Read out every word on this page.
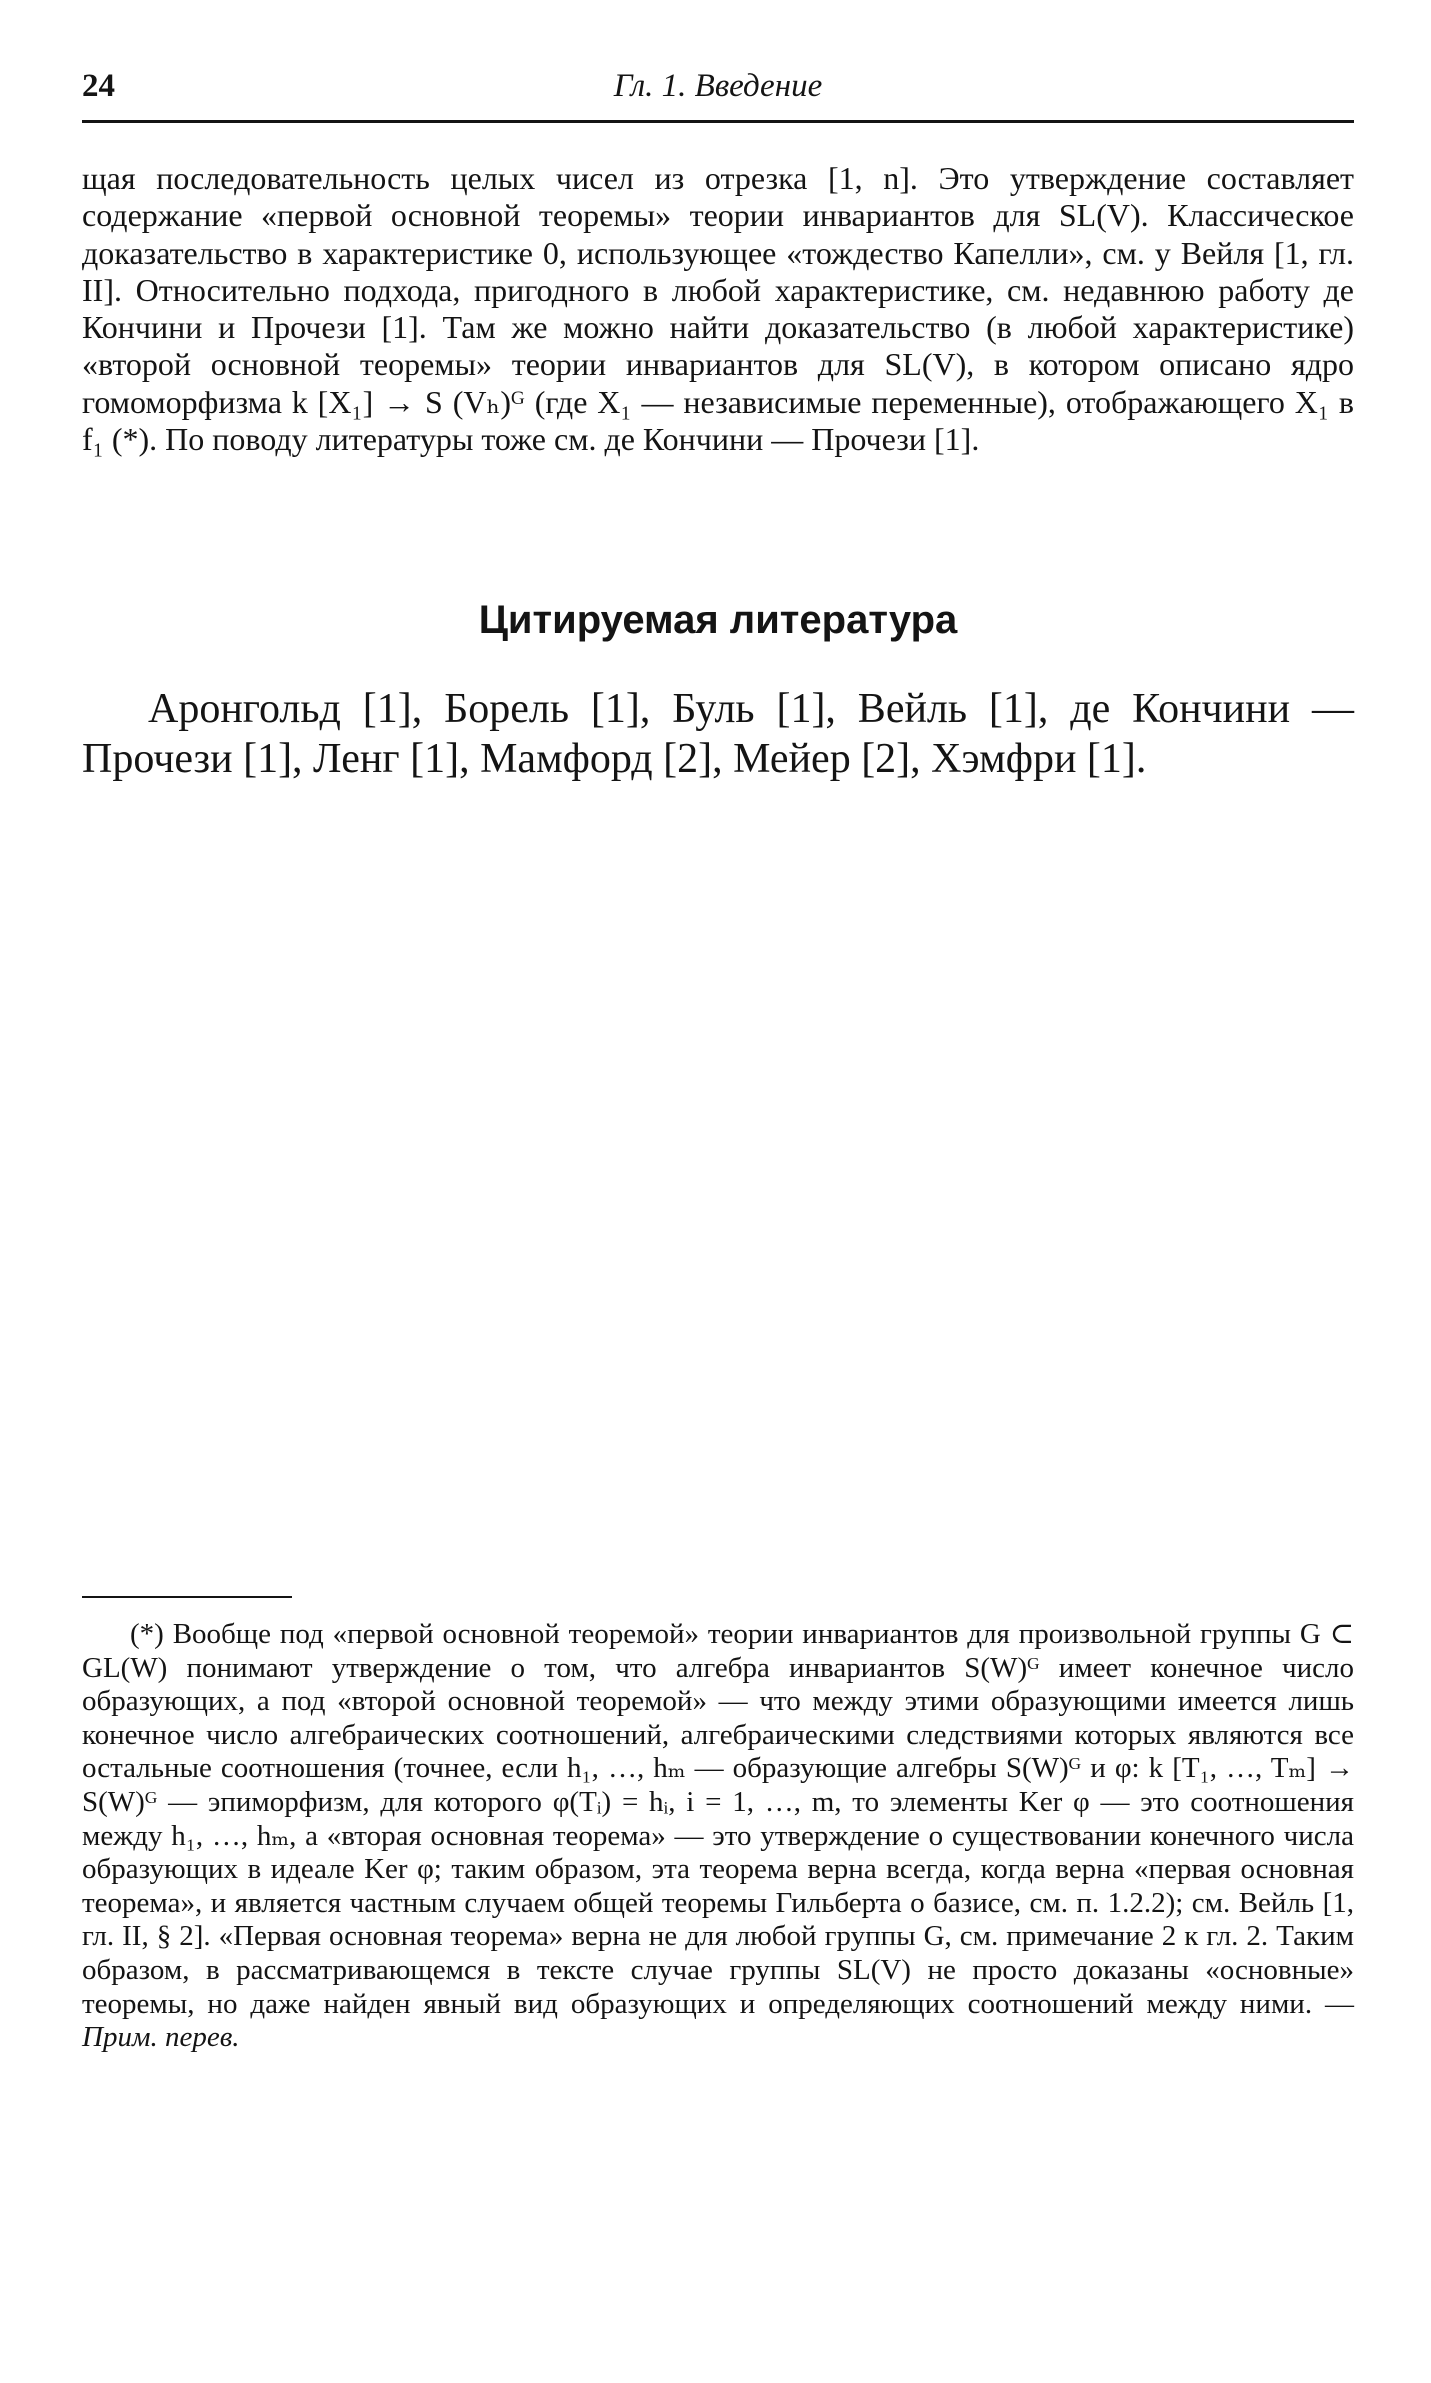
24	Гл. 1. Введение

щая последовательность целых чисел из отрезка [1, n]. Это утверждение составляет содержание «первой основной теоремы» теории инвариантов для SL(V). Классическое доказательство в характеристике 0, использующее «тождество Капелли», см. у Вейля [1, гл. II]. Относительно подхода, пригодного в любой характеристике, см. недавнюю работу де Кончини и Прочези [1]. Там же можно найти доказательство (в любой характеристике) «второй основной теоремы» теории инвариантов для SL(V), в котором описано ядро гомоморфизма k [X₁] → S (Vₕ)ᴳ (где X₁ — независимые переменные), отображающего X₁ в f₁ (*). По поводу литературы тоже см. де Кончини — Прочези [1].

Цитируемая литература

Аронгольд [1], Борель [1], Буль [1], Вейль [1], де Кончини — Прочези [1], Ленг [1], Мамфорд [2], Мейер [2], Хэмфри [1].

(*) Вообще под «первой основной теоремой» теории инвариантов для произвольной группы G ⊂ GL(W) понимают утверждение о том, что алгебра инвариантов S(W)ᴳ имеет конечное число образующих, а под «второй основной теоремой» — что между этими образующими имеется лишь конечное число алгебраических соотношений, алгебраическими следствиями которых являются все остальные соотношения (точнее, если h₁, …, hₘ — образующие алгебры S(W)ᴳ и φ: k [T₁, …, Tₘ] → S(W)ᴳ — эпиморфизм, для которого φ(Tᵢ) = hᵢ, i = 1, …, m, то элементы Ker φ — это соотношения между h₁, …, hₘ, а «вторая основная теорема» — это утверждение о существовании конечного числа образующих в идеале Ker φ; таким образом, эта теорема верна всегда, когда верна «первая основная теорема», и является частным случаем общей теоремы Гильберта о базисе, см. п. 1.2.2); см. Вейль [1, гл. II, § 2]. «Первая основная теорема» верна не для любой группы G, см. примечание 2 к гл. 2. Таким образом, в рассматривающемся в тексте случае группы SL(V) не просто доказаны «основные» теоремы, но даже найден явный вид образующих и определяющих соотношений между ними. — Прим. перев.
